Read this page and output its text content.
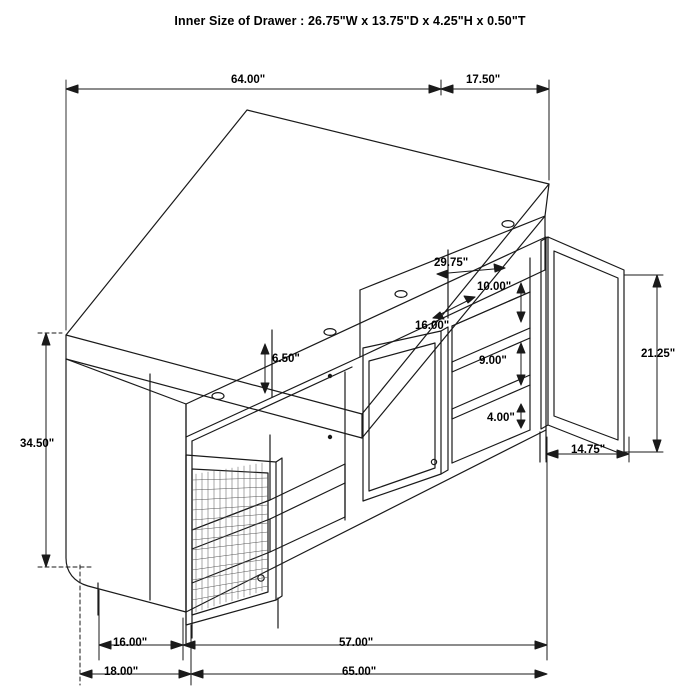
Inner Size of Drawer : 26.75"W x 13.75"D x 4.25"H x 0.50"T
64.00"	17.50"
29.75"
10.00"
16.00"
9.00"
21.25"
4.00"
14.75"
6.50"
34.50"
16.00"	57.00"
18.00"	65.00"
